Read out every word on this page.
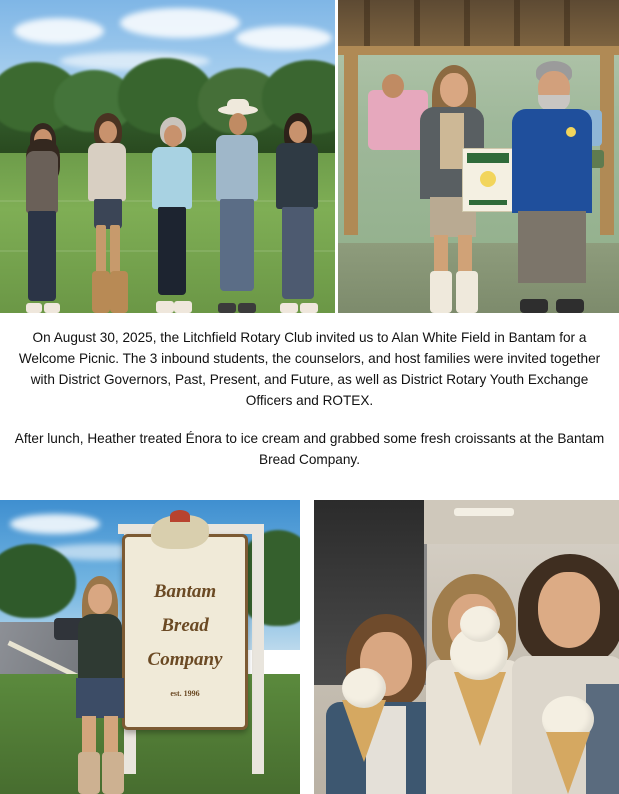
On August 30, 2025, the Litchfield Rotary Club invited us to Alan White Field in Bantam for a Welcome Picnic. The 3 inbound students, the counselors, and host families were invited together with District Governors, Past, Present, and Future, as well as District Rotary Youth Exchange Officers and ROTEX.

After lunch, Heather treated Énora to ice cream and grabbed some fresh croissants at the Bantam Bread Company.

Bantam
Bread
Company
est. 1996
